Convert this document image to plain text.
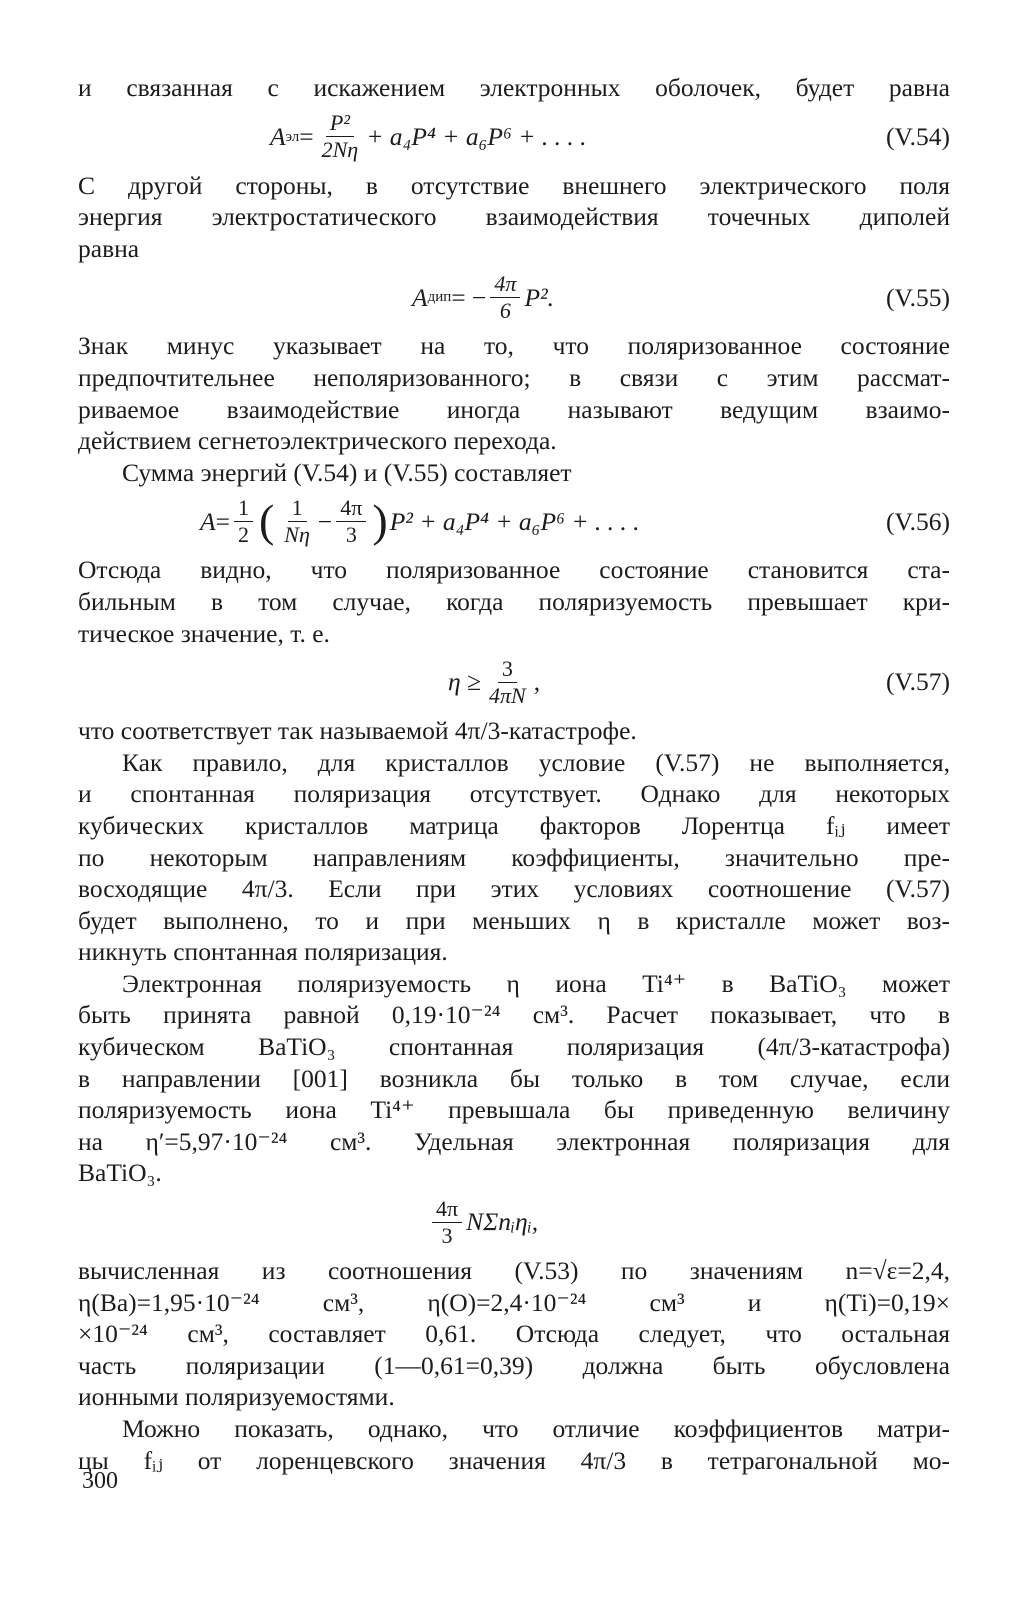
и связанная с искажением электронных оболочек, будет равна
A эл = $\frac{\text{P²}}{2N\eta} + a_4P^4 + a_6P^6$ + . . . .	(V.54)
С другой стороны, в отсутствие внешнего электрического поля
энергия электростатического взаимодействия точечных диполей
равна
A дип = − $\frac{4\pi}{6} P^2$.	(V.55)
Знак минус указывает на то, что поляризованное состояние
предпочтительнее неполяризованного; в связи с этим рассмат-
риваемое взаимодействие иногда называют ведущим взаимо-
действием сегнетоэлектрического перехода.
Сумма энергий (V.54) и (V.55) составляет
$A = \frac{1}{2}$ ( $\frac{1}{N\eta} - \frac{4\pi}{3}$ ) P² + a₄P⁴ + a₆P⁶ + . . . .	(V.56)
Отсюда видно, что поляризованное состояние становится ста-
бильным в том случае, когда поляризуемость превышает кри-
тическое значение, т. е.
$\eta \ge \frac{3}{4\pi N}$ ,	(V.57)
что соответствует так называемой 4π/3-катастрофе.
Как правило, для кристаллов условие (V.57) не выполняется,
и спонтанная поляризация отсутствует. Однако для некоторых
кубических кристаллов матрица факторов Лорентца fᵢⱼ имеет
по некоторым направлениям коэффициенты, значительно пре-
восходящие 4π/3. Если при этих условиях соотношение (V.57)
будет выполнено, то и при меньших η в кристалле может воз-
никнуть спонтанная поляризация.
Электронная поляризуемость η иона Ti⁴⁺ в BaTiO₃ может
быть принята равной 0,19·10⁻²⁴ см³. Расчет показывает, что в
кубическом BaTiO₃ спонтанная поляризация (4π/3-катастрофа)
в направлении [001] возникла бы только в том случае, если
поляризуемость иона Ti⁴⁺ превышала бы приведенную величину
на η′=5,97·10⁻²⁴ см³. Удельная электронная поляризация для
BaTiO₃.
$\frac{4\pi}{3}$ NΣnᵢηᵢ,
вычисленная из соотношения (V.53) по значениям n=√ε=2,4,
η(Ba)=1,95·10⁻²⁴ см³, η(O)=2,4·10⁻²⁴ см³ и η(Ti)=0,19×
×10⁻²⁴ см³, составляет 0,61. Отсюда следует, что остальная
часть поляризации (1—0,61=0,39) должна быть обусловлена
ионными поляризуемостями.
Можно показать, однако, что отличие коэффициентов матри-
цы fᵢⱼ от лоренцевского значения 4π/3 в тетрагональной мо-
300
